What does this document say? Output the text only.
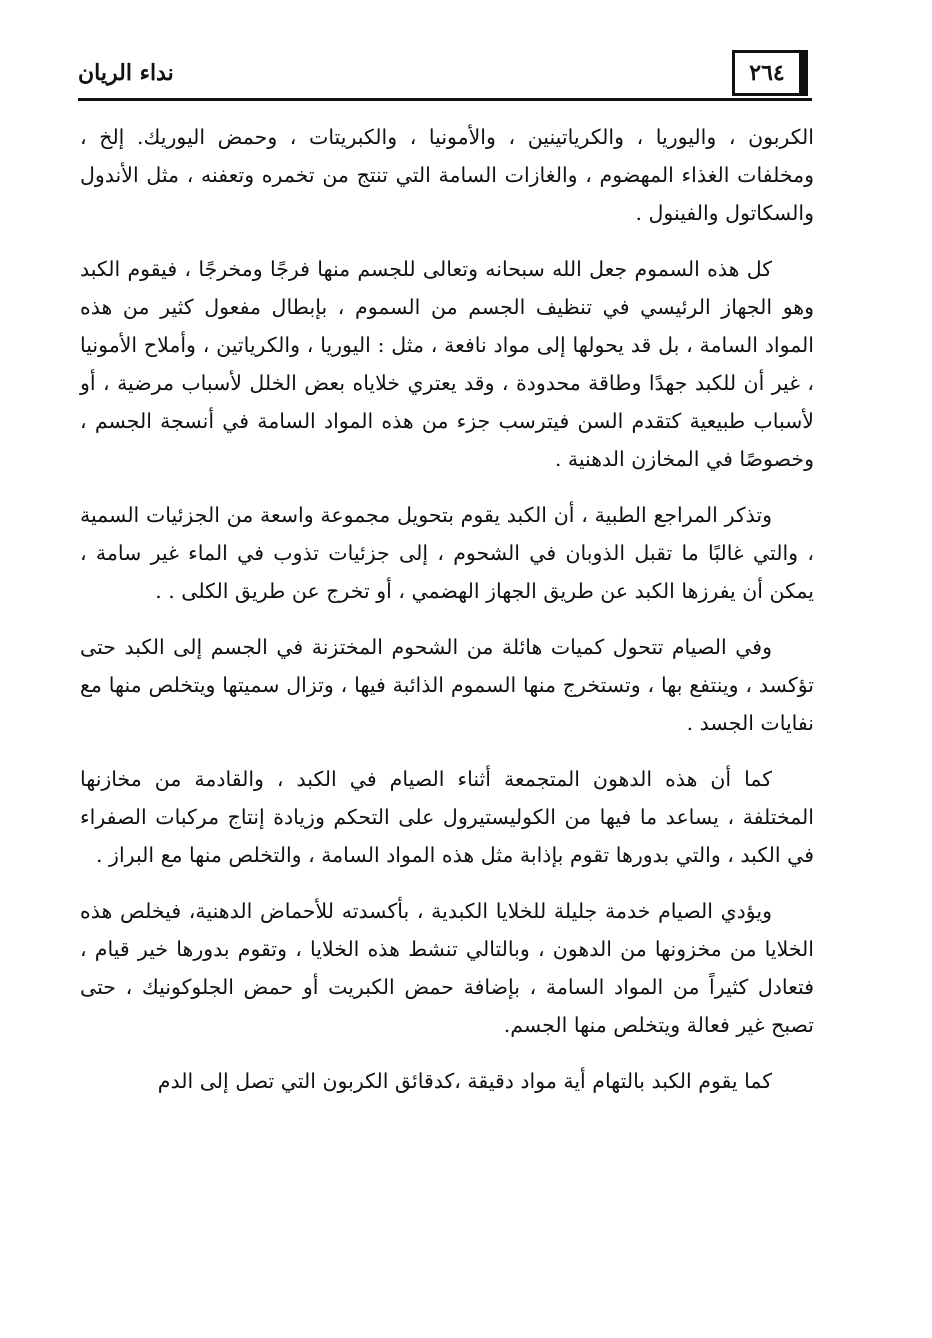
نداء الريان	٢٦٤

الكربون ، واليوريا ، والكرياتينين ، والأمونيا ، والكبريتات ، وحمض اليوريك. إلخ ، ومخلفات الغذاء المهضوم ، والغازات السامة التي تنتج من تخمره وتعفنه ، مثل الأندول والسكاتول والفينول .

كل هذه السموم جعل الله سبحانه وتعالى للجسم منها فرجًا ومخرجًا ، فيقوم الكبد وهو الجهاز الرئيسي في تنظيف الجسم من السموم ، بإبطال مفعول كثير من هذه المواد السامة ، بل قد يحولها إلى مواد نافعة ، مثل : اليوريا ، والكرياتين ، وأملاح الأمونيا ، غير أن للكبد جهدًا وطاقة محدودة ، وقد يعتري خلاياه بعض الخلل لأسباب مرضية ، أو لأسباب طبيعية كتقدم السن فيترسب جزء من هذه المواد السامة في أنسجة الجسم ، وخصوصًا في المخازن الدهنية .

وتذكر المراجع الطبية ، أن الكبد يقوم بتحويل مجموعة واسعة من الجزئيات السمية ، والتي غالبًا ما تقبل الذوبان في الشحوم ، إلى جزئيات تذوب في الماء غير سامة ، يمكن أن يفرزها الكبد عن طريق الجهاز الهضمي ، أو تخرج عن طريق الكلى . .

وفي الصيام تتحول كميات هائلة من الشحوم المختزنة في الجسم إلى الكبد حتى تؤكسد ، وينتفع بها ، وتستخرج منها السموم الذائبة فيها ، وتزال سميتها ويتخلص منها مع نفايات الجسد .

كما أن هذه الدهون المتجمعة أثناء الصيام في الكبد ، والقادمة من مخازنها المختلفة ، يساعد ما فيها من الكوليستيرول على التحكم وزيادة إنتاج مركبات الصفراء في الكبد ، والتي بدورها تقوم بإذابة مثل هذه المواد السامة ، والتخلص منها مع البراز .

ويؤدي الصيام خدمة جليلة للخلايا الكبدية ، بأكسدته للأحماض الدهنية، فيخلص هذه الخلايا من مخزونها من الدهون ، وبالتالي تنشط هذه الخلايا ، وتقوم بدورها خير قيام ، فتعادل كثيراً من المواد السامة ، بإضافة حمض الكبريت أو حمض الجلوكونيك ، حتى تصبح غير فعالة ويتخلص منها الجسم.

كما يقوم الكبد بالتهام أية مواد دقيقة ،كدقائق الكربون التي تصل إلى الدم
